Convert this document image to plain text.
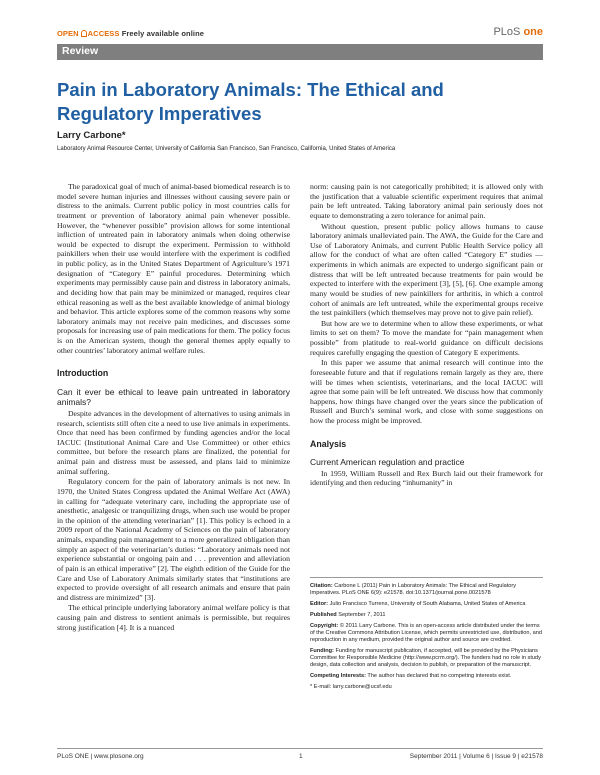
OPEN ACCESS Freely available online	PLoS one
Review
Pain in Laboratory Animals: The Ethical and Regulatory Imperatives
Larry Carbone*
Laboratory Animal Resource Center, University of California San Francisco, San Francisco, California, United States of America

The paradoxical goal of much of animal-based biomedical research is to model severe human injuries and illnesses without causing severe pain or distress to the animals. Current public policy in most countries calls for treatment or prevention of laboratory animal pain whenever possible. However, the “whenever possible” provision allows for some intentional infliction of untreated pain in laboratory animals when doing otherwise would be expected to disrupt the experiment. Permission to withhold painkillers when their use would interfere with the experiment is codified in public policy, as in the United States Department of Agriculture’s 1971 designation of “Category E” painful procedures. Determining which experiments may permissibly cause pain and distress in laboratory animals, and deciding how that pain may be minimized or managed, requires clear ethical reasoning as well as the best available knowledge of animal biology and behavior. This article explores some of the common reasons why some laboratory animals may not receive pain medicines, and discusses some proposals for increasing use of pain medications for them. The policy focus is on the American system, though the general themes apply equally to other countries’ laboratory animal welfare rules.

Introduction
Can it ever be ethical to leave pain untreated in laboratory animals?

Despite advances in the development of alternatives to using animals in research, scientists still often cite a need to use live animals in experiments. Once that need has been confirmed by funding agencies and/or the local IACUC (Institutional Animal Care and Use Committee) or other ethics committee, but before the research plans are finalized, the potential for animal pain and distress must be assessed, and plans laid to minimize animal suffering.

Regulatory concern for the pain of laboratory animals is not new. In 1970, the United States Congress updated the Animal Welfare Act (AWA) in calling for “adequate veterinary care, including the appropriate use of anesthetic, analgesic or tranquilizing drugs, when such use would be proper in the opinion of the attending veterinarian” [1]. This policy is echoed in a 2009 report of the National Academy of Sciences on the pain of laboratory animals, expanding pain management to a more generalized obligation than simply an aspect of the veterinarian’s duties: “Laboratory animals need not experience substantial or ongoing pain and . . . prevention and alleviation of pain is an ethical imperative” [2]. The eighth edition of the Guide for the Care and Use of Laboratory Animals similarly states that “institutions are expected to provide oversight of all research animals and ensure that pain and distress are minimized” [3].

The ethical principle underlying laboratory animal welfare policy is that causing pain and distress to sentient animals is permissible, but requires strong justification [4]. It is a nuanced

norm: causing pain is not categorically prohibited; it is allowed only with the justification that a valuable scientific experiment requires that animal pain be left untreated. Taking laboratory animal pain seriously does not equate to demonstrating a zero tolerance for animal pain.

Without question, present public policy allows humans to cause laboratory animals unalleviated pain. The AWA, the Guide for the Care and Use of Laboratory Animals, and current Public Health Service policy all allow for the conduct of what are often called “Category E” studies — experiments in which animals are expected to undergo significant pain or distress that will be left untreated because treatments for pain would be expected to interfere with the experiment [3], [5], [6]. One example among many would be studies of new painkillers for arthritis, in which a control cohort of animals are left untreated, while the experimental groups receive the test painkillers (which themselves may prove not to give pain relief).

But how are we to determine when to allow these experiments, or what limits to set on them? To move the mandate for “pain management when possible” from platitude to real-world guidance on difficult decisions requires carefully engaging the question of Category E experiments.

In this paper we assume that animal research will continue into the foreseeable future and that if regulations remain largely as they are, there will be times when scientists, veterinarians, and the local IACUC will agree that some pain will be left untreated. We discuss how that commonly happens, how things have changed over the years since the publication of Russell and Burch’s seminal work, and close with some suggestions on how the process might be improved.

Analysis
Current American regulation and practice

In 1959, William Russell and Rex Burch laid out their framework for identifying and then reducing “inhumanity” in

Citation: Carbone L (2011) Pain in Laboratory Animals: The Ethical and Regulatory Imperatives. PLoS ONE 6(9): e21578. doi:10.1371/journal.pone.0021578
Editor: Julio Francisco Turrens, University of South Alabama, United States of America
Published September 7, 2011
Copyright: © 2011 Larry Carbone. This is an open-access article distributed under the terms of the Creative Commons Attribution License, which permits unrestricted use, distribution, and reproduction in any medium, provided the original author and source are credited.
Funding: Funding for manuscript publication, if accepted, will be provided by the Physicians Committee for Responsible Medicine (http://www.pcrm.org/). The funders had no role in study design, data collection and analysis, decision to publish, or preparation of the manuscript.
Competing Interests: The author has declared that no competing interests exist.
* E-mail: larry.carbone@ucsf.edu
PLoS ONE | www.plosone.org	1	September 2011 | Volume 6 | Issue 9 | e21578
